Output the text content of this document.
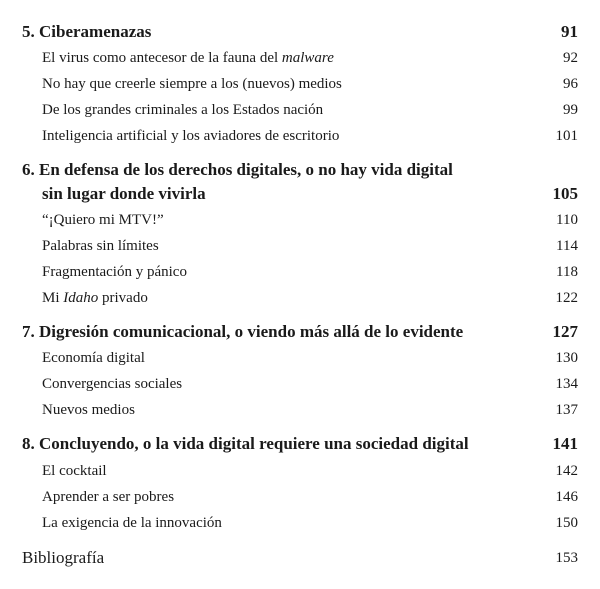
5. Ciberamenazas	91
El virus como antecesor de la fauna del malware	92
No hay que creerle siempre a los (nuevos) medios	96
De los grandes criminales a los Estados nación	99
Inteligencia artificial y los aviadores de escritorio	101
6. En defensa de los derechos digitales, o no hay vida digital
sin lugar donde vivirla	105
“¡Quiero mi MTV!”	110
Palabras sin límites	114
Fragmentación y pánico	118
Mi Idaho privado	122
7. Digresión comunicacional, o viendo más allá de lo evidente	127
Economía digital	130
Convergencias sociales	134
Nuevos medios	137
8. Concluyendo, o la vida digital requiere una sociedad digital	141
El cocktail	142
Aprender a ser pobres	146
La exigencia de la innovación	150
Bibliografía	153
